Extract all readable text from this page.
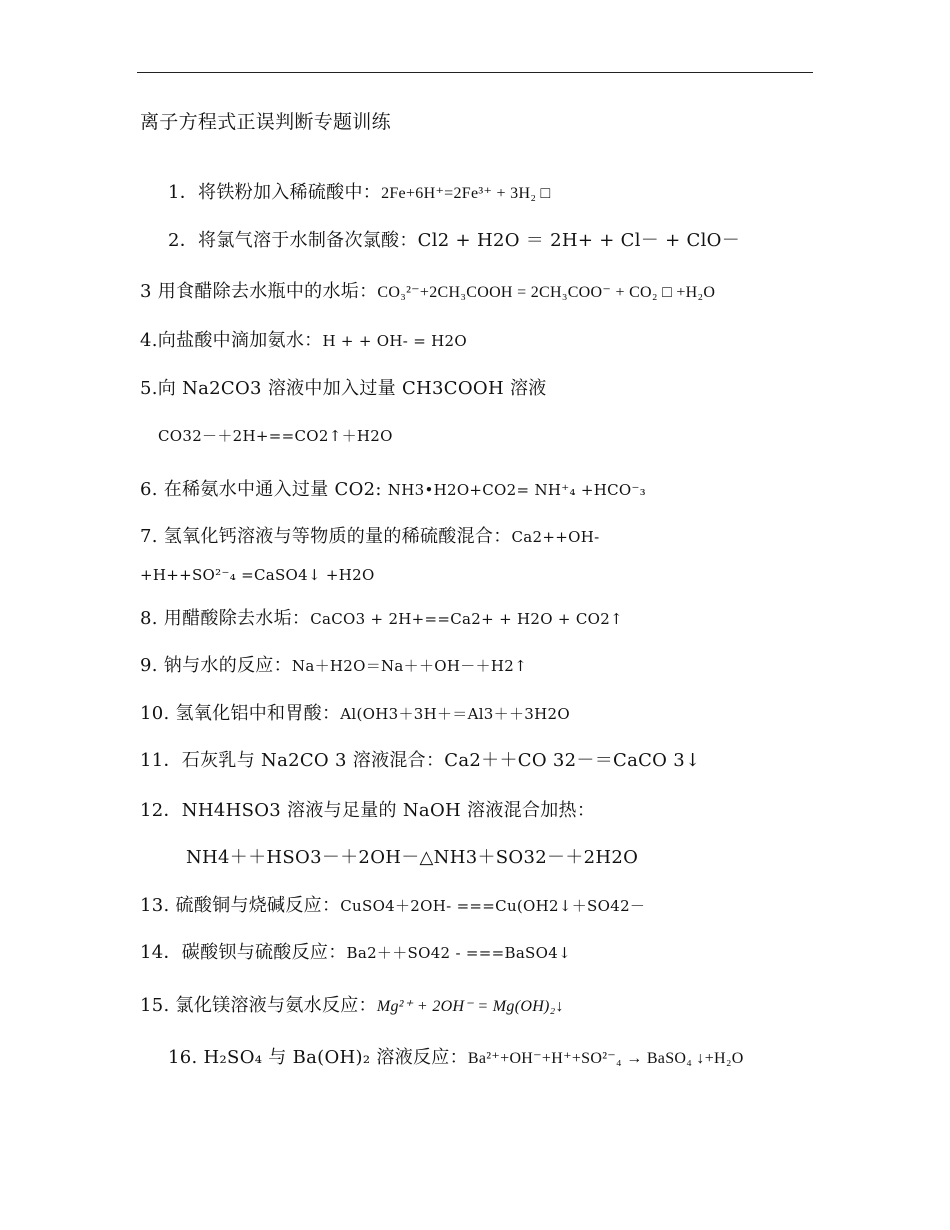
离子方程式正误判断专题训练
1．将铁粉加入稀硫酸中：2Fe+6H⁺=2Fe³⁺ + 3H₂ □
2．将氯气溶于水制备次氯酸：Cl2 + H2O ＝ 2H+ + Cl－ + ClO－
3 用食醋除去水瓶中的水垢：CO₃²⁻+2CH₃COOH = 2CH₃COO⁻ + CO₂ □ +H₂O
4.向盐酸中滴加氨水：H + + OH- = H2O
5.向 Na2CO3 溶液中加入过量 CH3COOH 溶液
CO32－＋2H+==CO2↑＋H2O
6. 在稀氨水中通入过量 CO2: NH3•H2O+CO2= NH⁺₄ +HCO⁻₃
7. 氢氧化钙溶液与等物质的量的稀硫酸混合：Ca2++OH-
+H++SO²⁻₄ =CaSO4↓ +H2O
8. 用醋酸除去水垢：CaCO3 + 2H+==Ca2+ + H2O + CO2↑
9. 钠与水的反应：Na＋H2O＝Na＋＋OH－＋H2↑
10. 氢氧化铝中和胃酸：Al(OH3＋3H＋＝Al3＋＋3H2O
11．石灰乳与 Na2CO 3 溶液混合：Ca2＋＋CO 32－＝CaCO 3↓
12．NH4HSO3 溶液与足量的 NaOH 溶液混合加热：
NH4＋＋HSO3－＋2OH－△NH3＋SO32－＋2H2O
13. 硫酸铜与烧碱反应：CuSO4＋2OH- ===Cu(OH2↓＋SO42－
14．碳酸钡与硫酸反应：Ba2＋＋SO42 - ===BaSO4↓
15. 氯化镁溶液与氨水反应：Mg²⁺ + 2OH⁻ = Mg(OH)₂↓
16. H₂SO₄ 与 Ba(OH)₂ 溶液反应：Ba²⁺+OH⁻+H⁺+SO²⁻₄ → BaSO₄ ↓+H₂O
